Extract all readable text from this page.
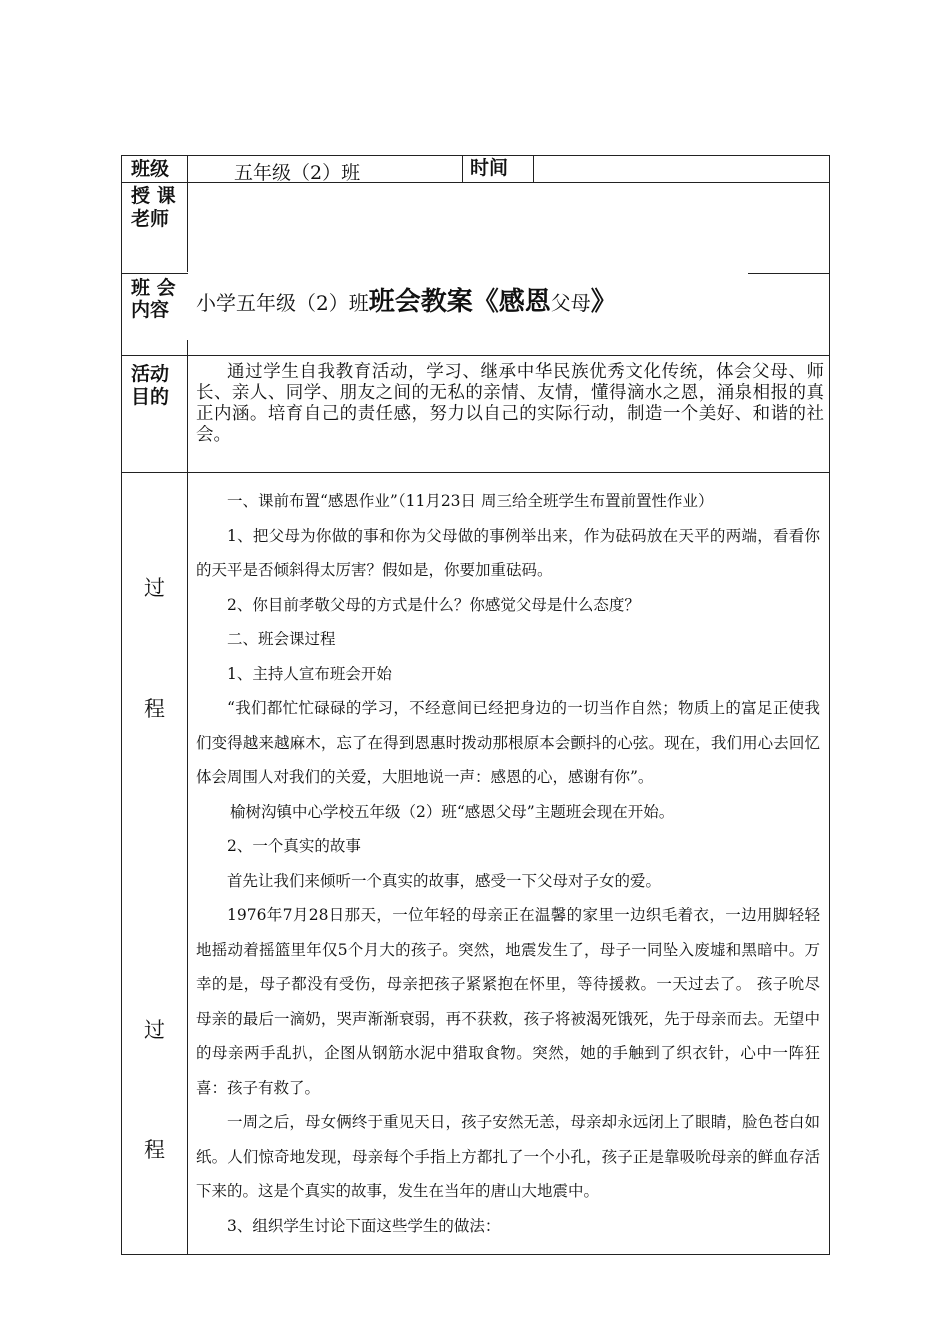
班级	五年级（2）班	时间
授 课
老师
班 会
内容 小学五年级（2）班班会教案《感恩父母》
活动
目的
通过学生自我教育活动，学习、继承中华民族优秀文化传统，体会父母、师长、亲人、同学、朋友之间的无私的亲情、友情，懂得滴水之恩，涌泉相报的真正内涵。培育自己的责任感，努力以自己的实际行动，制造一个美好、和谐的社会。
过
程
过
程

一、课前布置“感恩作业”（11月23日 周三给全班学生布置前置性作业）

1、把父母为你做的事和你为父母做的事例举出来，作为砝码放在天平的两端，看看你的天平是否倾斜得太厉害？假如是，你要加重砝码。

2、你目前孝敬父母的方式是什么？你感觉父母是什么态度？

二、班会课过程

1、主持人宣布班会开始

“我们都忙忙碌碌的学习，不经意间已经把身边的一切当作自然；物质上的富足正使我们变得越来越麻木，忘了在得到恩惠时拨动那根原本会颤抖的心弦。现在，我们用心去回忆体会周围人对我们的关爱，大胆地说一声：感恩的心，感谢有你”。

榆树沟镇中心学校五年级（2）班“感恩父母”主题班会现在开始。

2、一个真实的故事

首先让我们来倾听一个真实的故事，感受一下父母对子女的爱。

1976年7月28日那天，一位年轻的母亲正在温馨的家里一边织毛着衣，一边用脚轻轻地摇动着摇篮里年仅5个月大的孩子。突然，地震发生了，母子一同坠入废墟和黑暗中。万幸的是，母子都没有受伤，母亲把孩子紧紧抱在怀里，等待援救。一天过去了。 孩子吮尽母亲的最后一滴奶，哭声渐渐衰弱，再不获救，孩子将被渴死饿死，先于母亲而去。无望中的母亲两手乱扒，企图从钢筋水泥中猎取食物。突然，她的手触到了织衣针，心中一阵狂喜：孩子有救了。

一周之后，母女俩终于重见天日，孩子安然无恙，母亲却永远闭上了眼睛，脸色苍白如纸。人们惊奇地发现，母亲每个手指上方都扎了一个小孔，孩子正是靠吸吮母亲的鲜血存活下来的。这是个真实的故事，发生在当年的唐山大地震中。

3、组织学生讨论下面这些学生的做法：
